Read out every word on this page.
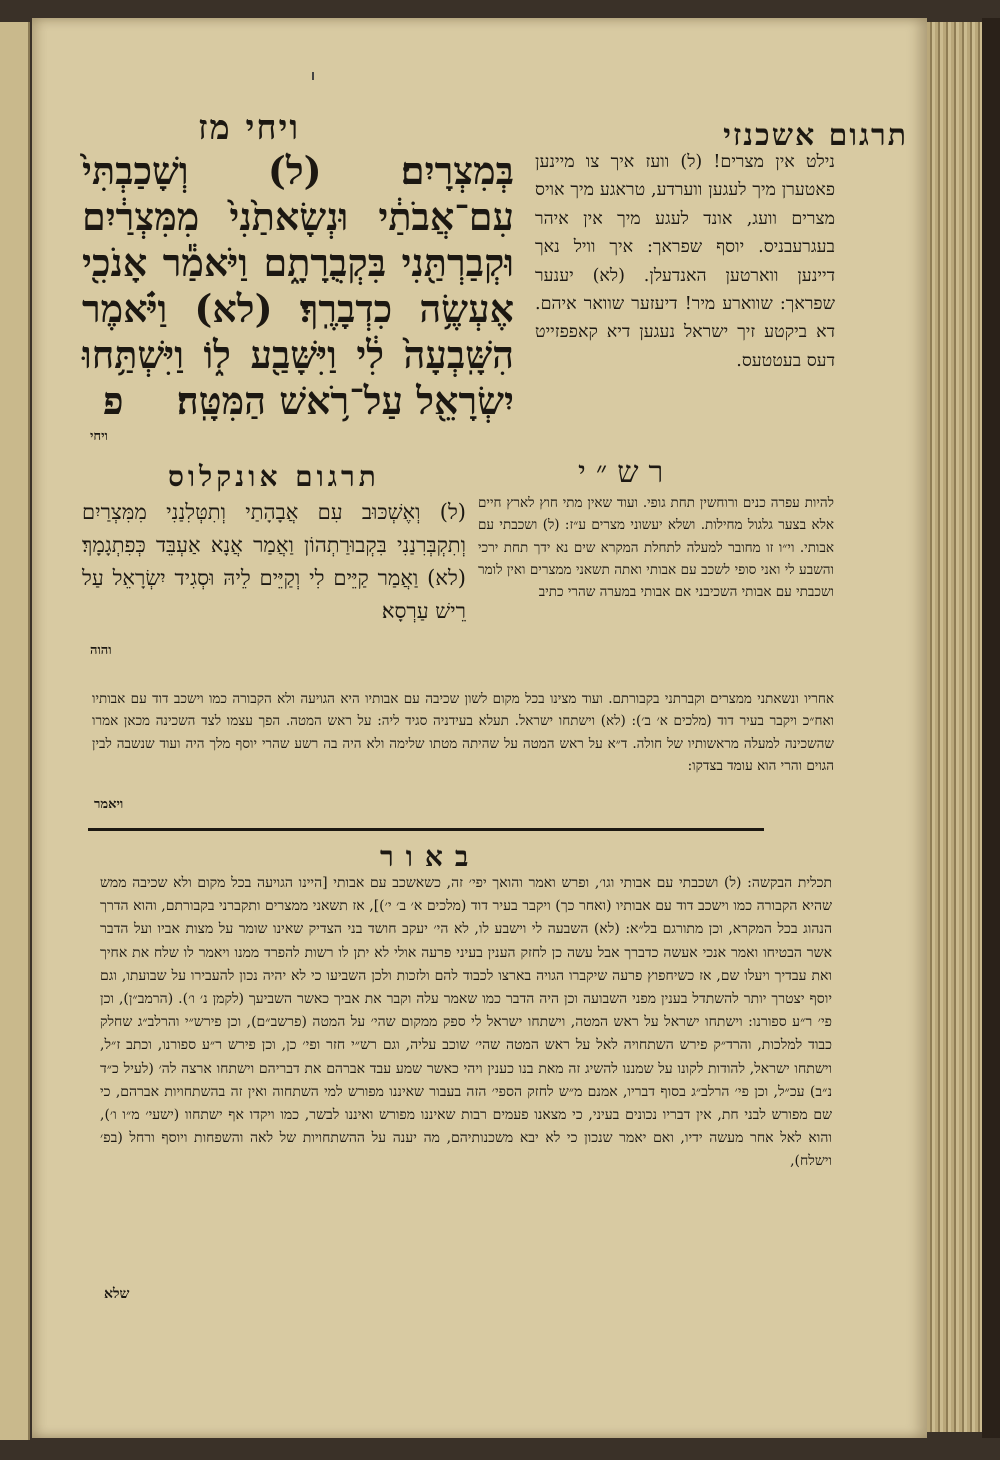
ויחי מז	תרגום אשכנזי
בְּמִצְרָיִם׃ (ל) וְשָׁכַבְתִּי֙ עִם־אֲבֹתַ֔י וּנְשָׂאתַ֙נִי֙ מִמִּצְרַ֔יִם וּקְבַרְתַּ֖נִי בִּקְבֻרָתָ֑ם וַיֹּאמַ֕ר אָנֹכִ֖י אֶעְשֶׂ֥ה כִדְבָרֶֽךָ׃ (לא) וַיֹּ֗אמֶר הִשָּֽׁבְעָה֙ לִ֔י וַיִּשָּׁבַ֖ע ל֑וֹ וַיִּשְׁתַּ֥חוּ יִשְׂרָאֵ֖ל עַל־רֹ֥אשׁ הַמִּטָּֽה׃ פ
נילט אין מצרים! (ל) וועז איך צו מיינען פאטערן מיך לעגען ווערדע, טראגע מיך אויס מצרים וועג, אונד לעגע מיך אין איהר בעגרעבניס. יוסף שפראך: איך וויל נאך דיינען ווארטען האנדעלן. (לא) יענער שפראך: שווארע מיר! דיעזער שוואר איהם. דא ביקטע זיך ישראל נעגען דיא קאפפזייט דעס בעטטעס.
ויחי
תרגום אונקלוס
(ל) וְאֶשְׁכּוּב עִם אֲבָהָתַי וְתִטְּלִנַנִי מִמִּצְרַיִם וְתִקְבְּרִנַנִי בִּקְבוּרַתְהוֹן וַאֲמַר אֲנָא אַעְבֵּד כְּפִתְגָמָךְ׃ (לא) וַאֲמַר קַיֵּים לִי וְקַיֵּים לֵיהּ וּסְגִיד יִשְׂרָאֵל עַל רֵישׁ עַרְסָא׃
והוה
רש״י
להיות עפרה כנים ורוחשין תחת גופי. ועוד שאין מתי חוץ לארץ חיים אלא בצער גלגול מחילות. ושלא יעשוני מצרים ע״ז: (ל) ושכבתי עם אבותי. וי״ו זו מחובר למעלה לתחלת המקרא שים נא ידך תחת ירכי והשבע לי ואני סופי לשכב עם אבותי ואתה תשאני ממצרים ואין לומר ושכבתי עם אבותי השכיבני אם אבותי במערה שהרי כתיב
אחריו ונשאתני ממצרים וקברתני בקבורתם. ועוד מצינו בכל מקום לשון שכיבה עם אבותיו היא הגויעה ולא הקבורה כמו וישכב דוד עם אבותיו ואח״כ ויקבר בעיר דוד (מלכים א׳ ב׳): (לא) וישתחו ישראל. תעלא בעידניה סגיד ליה: על ראש המטה. הפך עצמו לצד השכינה מכאן אמרו שהשכינה למעלה מראשותיו של חולה. ד״א על ראש המטה על שהיתה מטתו שלימה ולא היה בה רשע שהרי יוסף מלך היה ועוד שנשבה לבין הגוים והרי הוא עומד בצדקו:
ויאמר
באור
תכלית הבקשה: (ל) ושכבתי עם אבותי וגו׳, ופרש ואמר והואך יפי׳ זה, כשאשכב עם אבותי [היינו הגויעה בכל מקום ולא שכיבה ממש שהיא הקבורה כמו וישכב דוד עם אבותיו (ואחר כך) ויקבר בעיר דוד (מלכים א׳ ב׳ י׳)], אז תשאני ממצרים ותקברני בקבורתם, והוא הדרך הנהוג בכל המקרא, וכן מתורגם בל״א: (לא) השבעה לי וישבע לו, לא הי׳ יעקב חושד בני הצדיק שאינו שומר על מצות אביו ועל הדבר אשר הבטיחו ואמר אנכי אעשה כדברך אבל עשה כן לחזק הענין בעיני פרעה אולי לא יתן לו רשות להפרד ממנו ויאמר לו שלח את אחיך ואת עבדיך ויעלו שם, אז כשיחפוץ פרעה שיקברו הגויה בארצו לכבוד להם ולזכות ולכן השביעו כי לא יהיה נכון להעבירו על שבועתו, וגם יוסף יצטרך יותר להשתדל בענין מפני השבועה וכן היה הדבר כמו שאמר עלה וקבר את אביך כאשר השביעך (לקמן נ׳ ו׳). (הרמב״ן), וכן פי׳ ר״ע ספורנו: וישתחו ישראל על ראש המטה, וישתחו ישראל לי ספק ממקום שהי׳ על המטה (פרשב״ם), וכן פירש״י והרלב״ג שחלק כבוד למלכות, והרד״ק פירש השתחויה לאל על ראש המטה שהי׳ שוכב עליה, וגם רש״י חזר ופי׳ כן, וכן פירש ר״ע ספורנו, וכתב ז״ל, וישתחו ישראל, להודות לקונו על שמננו להשיג זה מאת בנו כענין ויהי כאשר שמע עבד אברהם את דבריהם וישתחו ארצה לה׳ (לעיל כ״ד נ״ב) עכ״ל, וכן פי׳ הרלב״ג בסוף דבריו, אמנם מ״ש לחזק הספי׳ הזה בעבור שאיננו מפורש למי השתחוה ואין זה בהשתחויות אברהם, כי שם מפורש לבני חת, אין דבריו נכונים בעיני, כי מצאנו פעמים רבות שאיננו מפורש ואיננו לבשר, כמו ויקדו אף ישתחוו (ישעי׳ מ״ו ו׳), והוא לאל אחר מעשה ידיו, ואם יאמר שנכון כי לא יבא משכנותיהם, מה יענה על ההשתחויות של לאה והשפחות ויוסף ורחל (בפ׳ וישלח),
שלא
